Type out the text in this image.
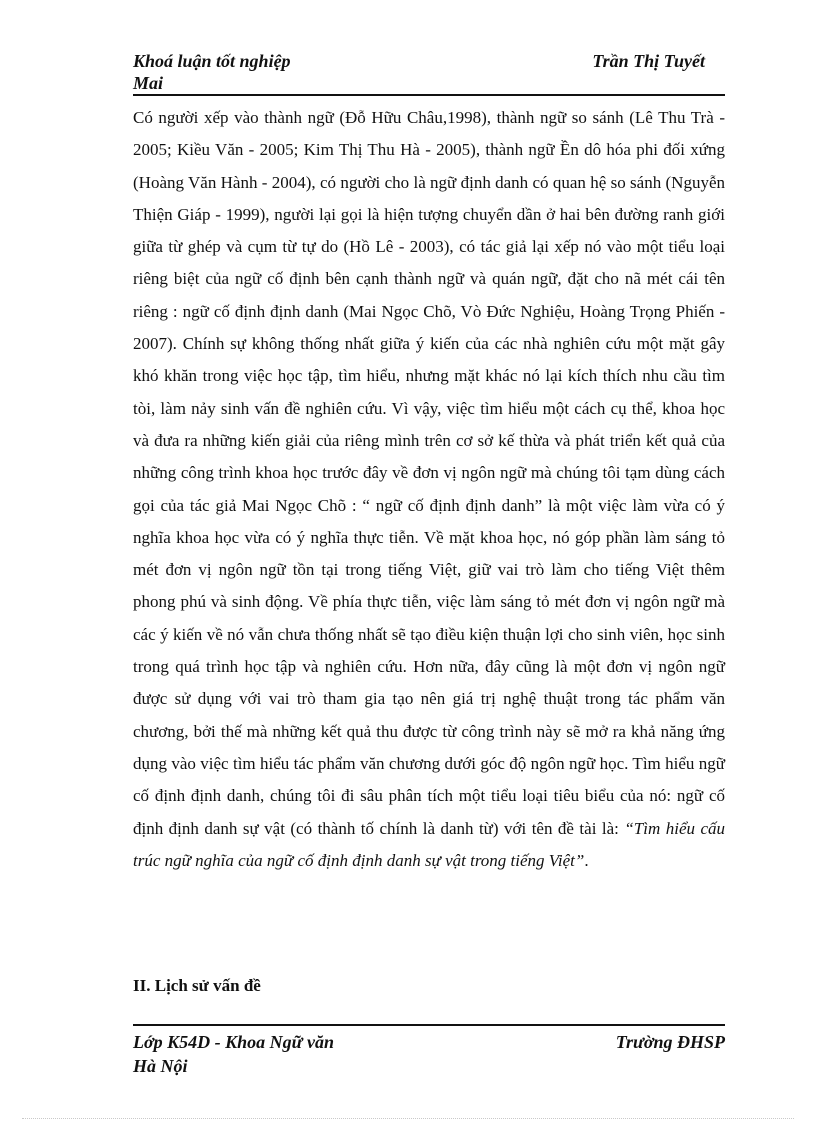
Khoá luận tốt nghiệp
Mai
Trần Thị Tuyết

Có người xếp vào thành ngữ (Đỗ Hữu Châu,1998), thành ngữ so sánh (Lê Thu Trà - 2005; Kiều Văn - 2005; Kim Thị Thu Hà - 2005), thành ngữ Ền dô hóa phi đối xứng (Hoàng Văn Hành - 2004), có người cho là ngữ định danh có quan hệ so sánh (Nguyễn Thiện Giáp - 1999), người lại gọi là hiện tượng chuyển dần ở hai bên đường ranh giới giữa từ ghép và cụm từ tự do (Hồ Lê - 2003), có tác giả lại xếp nó vào một tiểu loại riêng biệt của ngữ cố định bên cạnh thành ngữ và quán ngữ, đặt cho nã mét cái tên riêng : ngữ cố định định danh (Mai Ngọc Chõ, Vò Đức Nghiệu, Hoàng Trọng Phiến - 2007). Chính sự không thống nhất giữa ý kiến của các nhà nghiên cứu một mặt gây khó khăn trong việc học tập, tìm hiểu, nhưng mặt khác nó lại kích thích nhu cầu tìm tòi, làm nảy sinh vấn đề nghiên cứu. Vì vậy, việc tìm hiểu một cách cụ thể, khoa học và đưa ra những kiến giải của riêng mình trên cơ sở kế thừa và phát triển kết quả của những công trình khoa học trước đây về đơn vị ngôn ngữ mà chúng tôi tạm dùng cách gọi của tác giả Mai Ngọc Chõ : “ ngữ cố định định danh” là một việc làm vừa có ý nghĩa khoa học vừa có ý nghĩa thực tiễn. Về mặt khoa học, nó góp phần làm sáng tỏ mét đơn vị ngôn ngữ tồn tại trong tiếng Việt, giữ vai trò làm cho tiếng Việt thêm phong phú và sinh động. Về phía thực tiễn, việc làm sáng tỏ mét đơn vị ngôn ngữ mà các ý kiến về nó vẫn chưa thống nhất sẽ tạo điều kiện thuận lợi cho sinh viên, học sinh trong quá trình học tập và nghiên cứu. Hơn nữa, đây cũng là một đơn vị ngôn ngữ được sử dụng với vai trò tham gia tạo nên giá trị nghệ thuật trong tác phẩm văn chương, bởi thế mà những kết quả thu được từ công trình này sẽ mở ra khả năng ứng dụng vào việc tìm hiểu tác phẩm văn chương dưới góc độ ngôn ngữ học. Tìm hiểu ngữ cố định định danh, chúng tôi đi sâu phân tích một tiểu loại tiêu biểu của nó: ngữ cố định định danh sự vật (có thành tố chính là danh từ) với tên đề tài là: “Tìm hiểu cấu trúc ngữ nghĩa của ngữ cố định định danh sự vật trong tiếng Việt”.

II. Lịch sử vấn đề
Lớp K54D - Khoa Ngữ văn
Hà Nội
Trường ĐHSP
